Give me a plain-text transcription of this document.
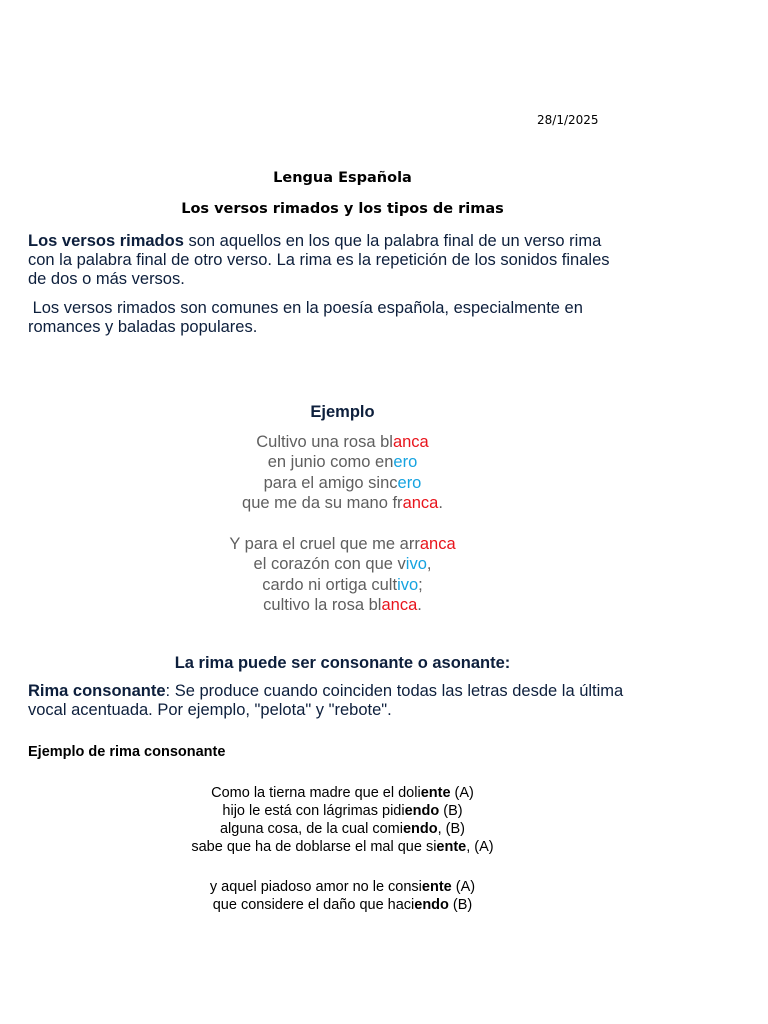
28/1/2025
Lengua Española
Los versos rimados y los tipos de rimas
Los versos rimados son aquellos en los que la palabra final de un verso rima
con la palabra final de otro verso. La rima es la repetición de los sonidos finales
de dos o más versos.
Los versos rimados son comunes en la poesía española, especialmente en
romances y baladas populares.
Ejemplo
Cultivo una rosa blanca
en junio como enero
para el amigo sincero
que me da su mano franca.
Y para el cruel que me arranca
el corazón con que vivo,
cardo ni ortiga cultivo;
cultivo la rosa blanca.
La rima puede ser consonante o asonante:
Rima consonante: Se produce cuando coinciden todas las letras desde la última
vocal acentuada. Por ejemplo, "pelota" y "rebote".
Ejemplo de rima consonante
Como la tierna madre que el doliente (A)
hijo le está con lágrimas pidiendo (B)
alguna cosa, de la cual comiendo, (B)
sabe que ha de doblarse el mal que siente, (A)
y aquel piadoso amor no le consiente (A)
que considere el daño que haciendo (B)
